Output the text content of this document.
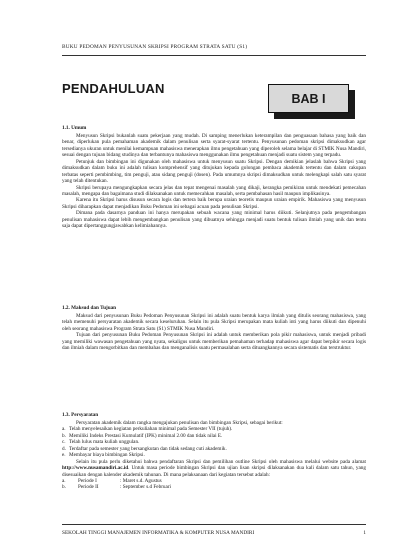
BUKU PEDOMAN PENYUSUNAN SKRIPSI PROGRAM STRATA SATU (S1)
PENDAHULUAN
BAB I

1.1. Umum

Menyusun Skripsi bukanlah suatu pekerjaan yang mudah. Di samping menerlukan keterampilan dan penguasaan bahasa yang baik dan benar, diperlukan pula pemahaman akademik dalam penulisan serta syarat-syarat tertentu. Penyusunan pedoman skripsi dimaksudkan agar tersedianya ukuran untuk menilai kemampuan mahasiswa menerapkan ilmu pengetahuan yang diperoleh selama belajar di STMIK Nusa Mandiri, sesuai dengan tujuan bidang studinya dan terbantunya mahasiswa menggunakan ilmu pengetahuan menjadi suatu sistem yang terpadu.

Petunjuk dan bimbingan ini digunakan oleh mahasiswa untuk menyusun suatu Skripsi. Dengan demikian jelaslah bahwa Skripsi yang dimaksudkan dalam buku ini adalah tulisan komprehensif yang ditujukan kepada golongan pembaca akademik tertentu dan dalam cakupan terbatas seperti pembimbing, tim penguji, atau sidang penguji (dosen). Pada umumnya skripsi dimaksudkan untuk melengkapi salah satu syarat yang telah ditentukan.

Skripsi berupaya mengungkapkan secara jelas dan tepat mengenai masalah yang dikaji, kerangka pemikiran untuk mendekati pemecahan masalah, mengapa dan bagaimana studi dilaksanakan untuk memecahkan masalah, serta pembahasan hasil maupun implikasinya.

Karena itu Skripsi harus disusun secara logis dan tertera baik berupa uraian teoretis maupun uraian empirik. Mahasiswa yang menyusun Skripsi diharapkan dapat menjadikan Buku Pedoman ini sebagai acuan pada penulisan Skripsi.

Dimana pada dasarnya panduan ini hanya merupakan sebuah wacana yang minimal harus diikuti. Selanjutnya pada pengembangan penulisan mahasiswa dapat lebih mengembangkan penulisan yang dibuatnya sehingga menjadi suatu bentuk tulisan ilmiah yang unik dan tentu saja dapat dipertanggungjawabkan kelimiahannya.

1.2. Maksud dan Tujuan

Maksud dari penyusunan Buku Pedoman Penyusunan Skripsi ini adalah suatu bentuk karya ilmiah yang ditulis seorang mahasiswa, yang telah memenuhi persyaratan akademik secara keseluruhan. Selain itu pula Skripsi merupakan mata kuliah inti yang harus diikuti dan dipenuhi oleh seorang mahasiswa Program Strata Satu (S1) STMIK Nusa Mandiri.

Tujuan dari penyusunan Buku Pedoman Penyusunan Skripsi ini adalah untuk memberikan pola pikir mahasiswa, untuk menjadi pribadi yang memiliki wawasan pengetahuan yang nyata, sekaligus untuk memberikan pemahaman terhadap mahasiswa agar dapat berpikir secara logis dan ilmiah dalam mengorbitkan dan membahas dan menganalisis suatu permasalahan serta dituangkannya secara sistematis dan terstruktur.

1.3. Persyaratan

Persyaratan akademik dalam rangka mengajukan penulisan dan bimbingan Skripsi, sebagai berikut:

a. Telah menyelesaikan kegiatan perkuliahan minimal pada Semester VII (tujuh).
b. Memiliki Indeks Prestasi Kumulatif (IPK) minimal 2.00 dan tidak nilai E.
c. Telah lulus mata kuliah unggulan.
d. Terdaftar pada semester yang bersangkutan dan tidak sedang cuti akademik.
e. Membayar biaya bimbingan Skripsi.

Selain itu pula perlu diketahui bahwa pendaftaran Skripsi dan pemilihan outline Skripsi oleh mahasiswa melalui website pada alamat http://www.nusamandiri.ac.id. Untuk masa periode bimbingan Skripsi dan ujian lisan skripsi dilaksanakan dua kali dalam satu tahun, yang disesuaikan dengan kalender akademik tahunan. Di mana pelaksanaan dari kegiatan tersebut adalah:

a.	Periode I	: Maret s.d. Agustus
b.	Periode II	: September s.d Februari
SEKOLAH TINGGI MANAJEMEN INFORMATIKA & KOMPUTER NUSA MANDIRI	1
